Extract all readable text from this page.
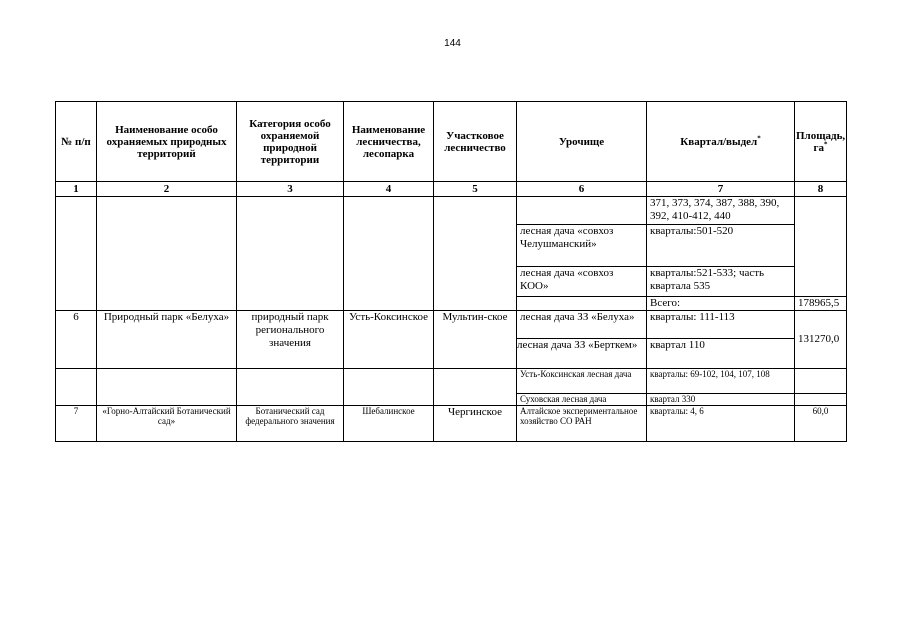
144
№ п/п	Наименование особо охраняемых природных территорий	Категория особо охраняемой природной территории	Наименование лесничества, лесопарка	Участковое лесничество	Урочище	Квартал/выдел*	Площадь, га*
1	2	3	4	5	6	7	8
						371, 373, 374, 387, 388, 390, 392, 410-412, 440	
					лесная дача «совхоз Челушманский»	кварталы:501-520	
					лесная дача «совхоз КОО»	кварталы:521-533; часть квартала 535	
						Всего:	178965,5
6	Природный парк «Белуха»	природный парк регионального значения	Усть-Коксинское	Мультин-ское	лесная дача ЗЗ «Белуха»	кварталы: 111-113	131270,0
					лесная дача ЗЗ «Берткем»	квартал 110	
					Усть-Коксинская лесная дача	кварталы: 69-102, 104, 107, 108	
					Суховская лесная дача	квартал 330	
7	«Горно-Алтайский Ботанический сад»	Ботанический сад федерального значения	Шебалинское	Чергинское	Алтайское экспериментальное хозяйство СО РАН	кварталы: 4, 6	60,0
